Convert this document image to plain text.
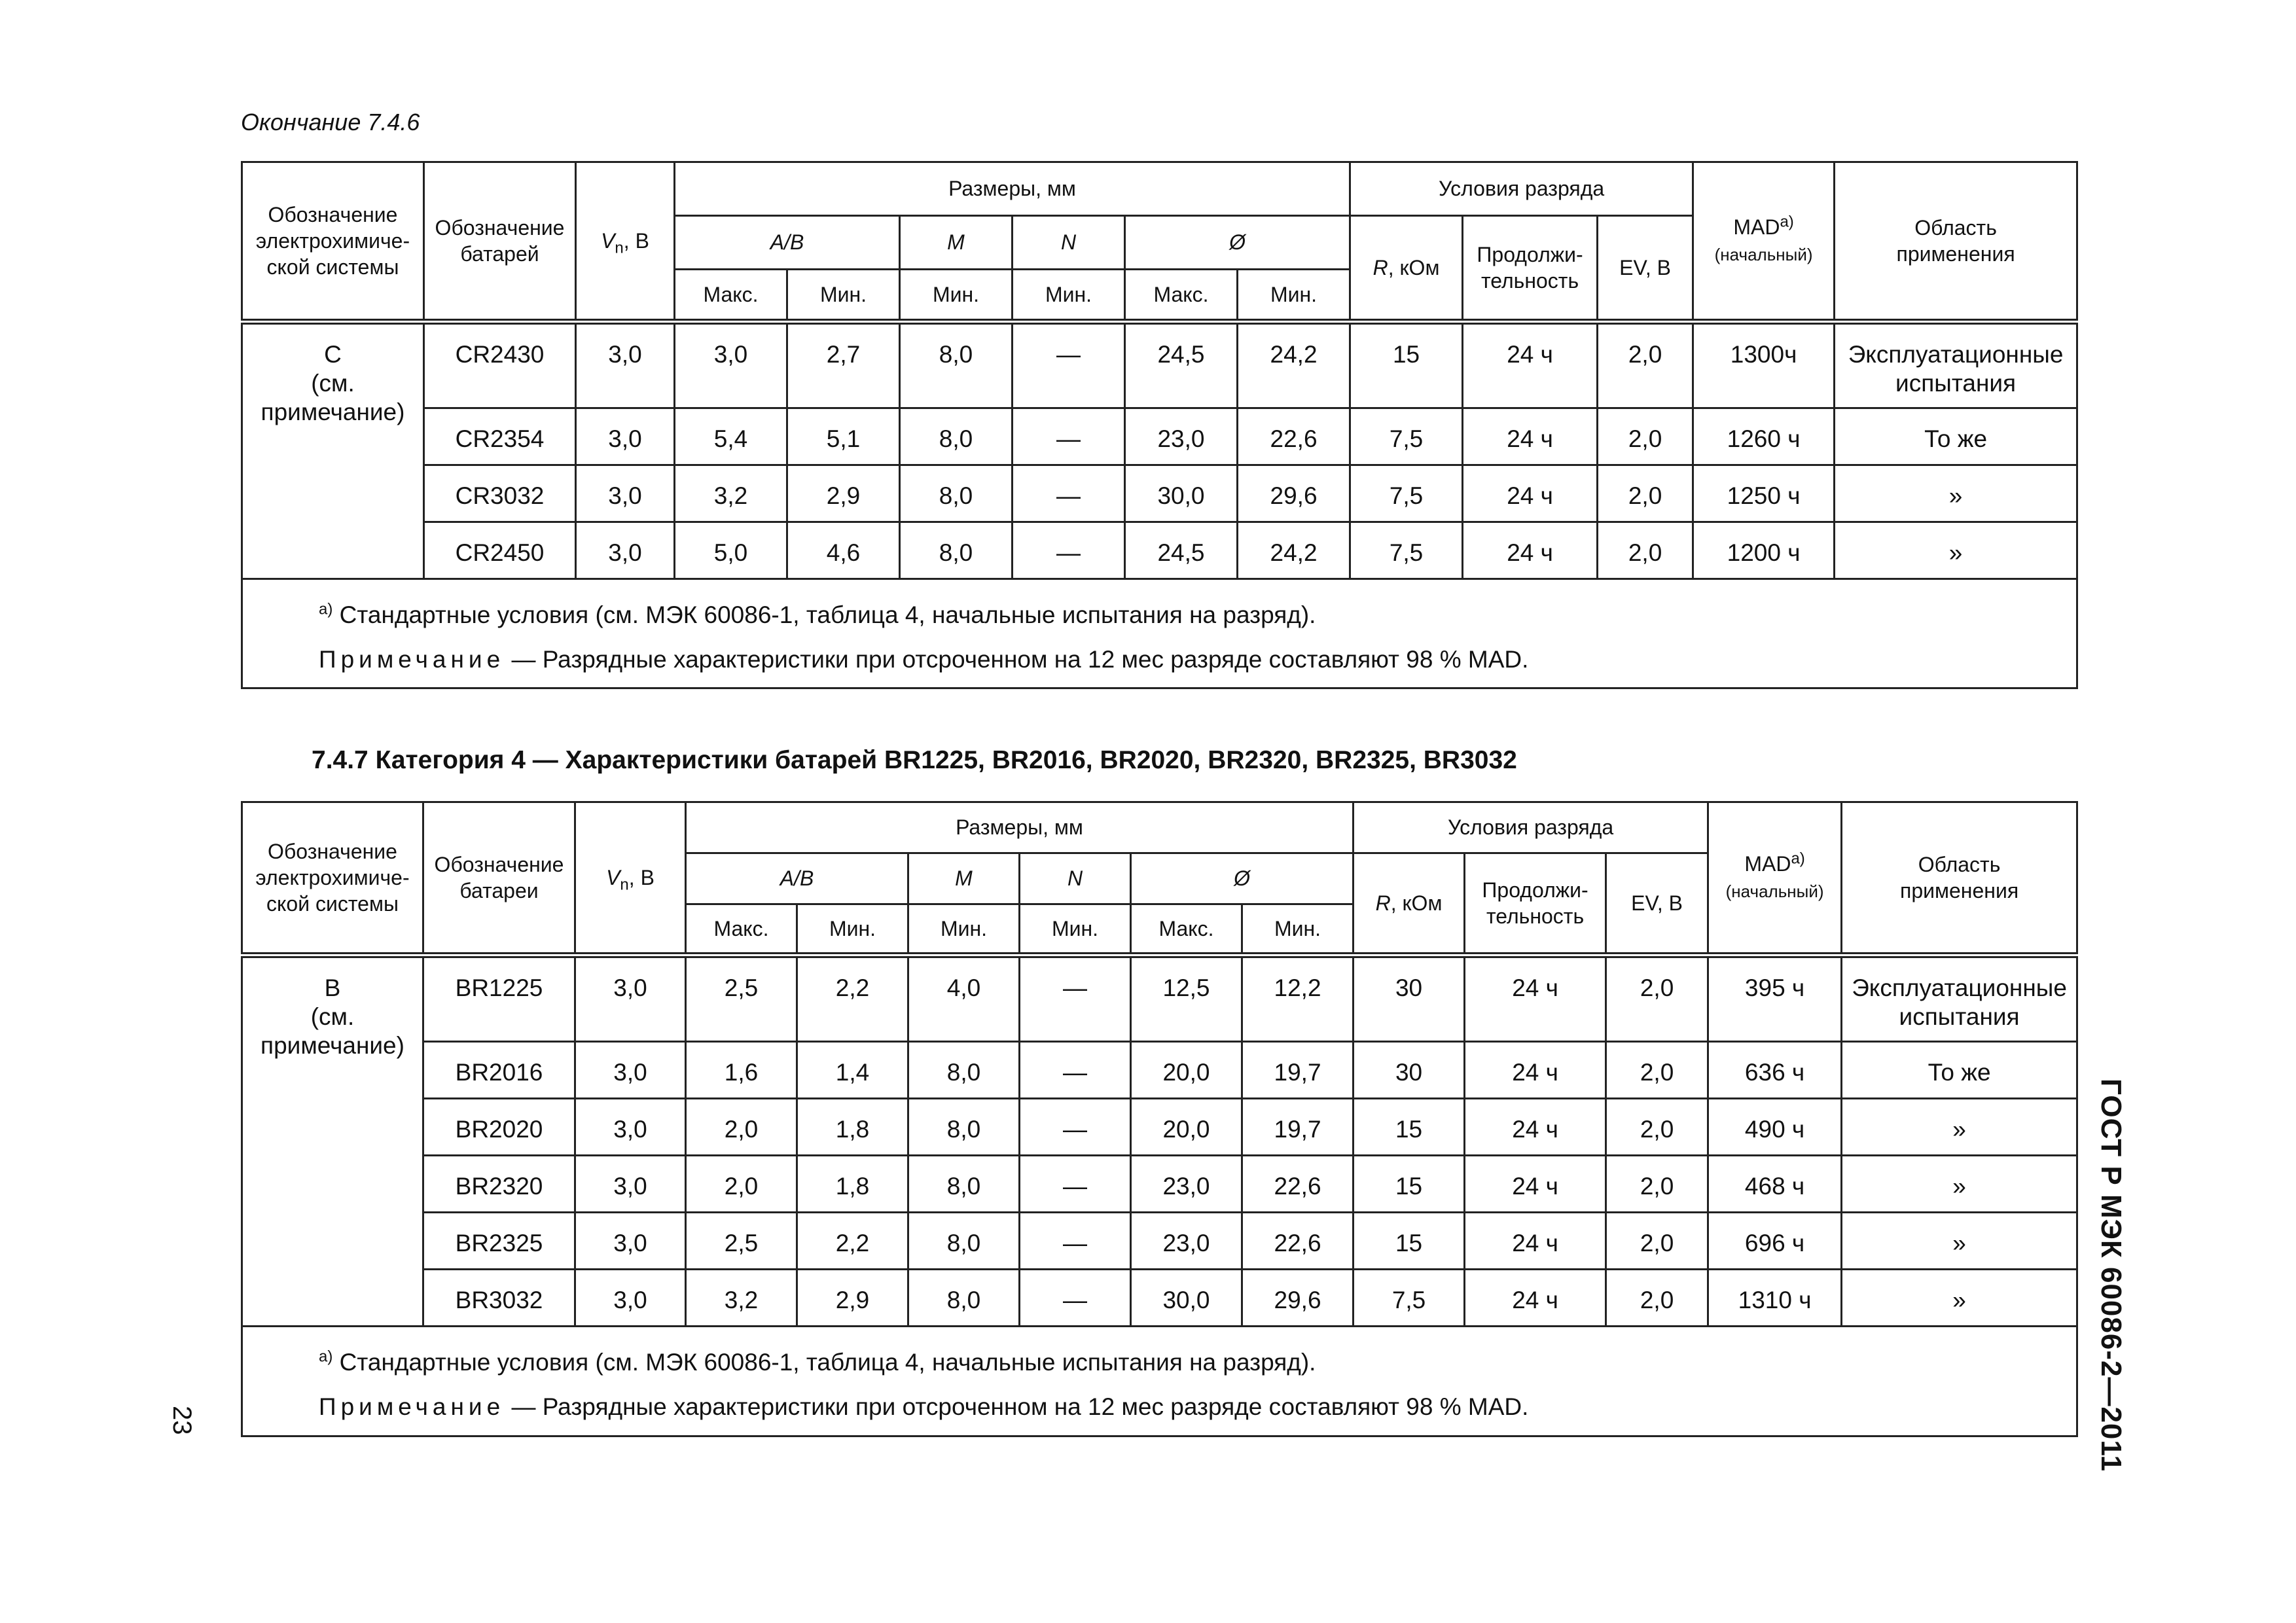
Окончание 7.4.6
Обозначение
электрохимиче-
ской системы	Обозначение
батарей	$V_n$, В	Размеры, мм						Условия разряда			$MAD^{а)}$
(начальный)	Область
применения
			A/B		M	N	Ø		R, кОм	Продолжи-
тельность	EV, В		
			Макс.	Мин.	Мин.	Мин.	Макс.	Мин.					
С
(см.
примечание)	CR2430	3,0	3,0	2,7	8,0	—	24,5	24,2	15	24 ч	2,0	1300ч	Эксплуатационные испытания
	CR2354	3,0	5,4	5,1	8,0	—	23,0	22,6	7,5	24 ч	2,0	1260 ч	То же
	CR3032	3,0	3,2	2,9	8,0	—	30,0	29,6	7,5	24 ч	2,0	1250 ч	»
	CR2450	3,0	5,0	4,6	8,0	—	24,5	24,2	7,5	24 ч	2,0	1200 ч	»

$^{а)}$ Стандартные условия (см. МЭК 60086-1, таблица 4, начальные испытания на разряд).
Примечание — Разрядные характеристики при отсроченном на 12 мес разряде составляют 98 % MAD.													
7.4.7 Категория 4 — Характеристики батарей BR1225, BR2016, BR2020, BR2320, BR2325, BR3032
Обозначение
электрохимиче-
ской системы	Обозначение
батареи	$V_n$, В	Размеры, мм						Условия разряда			$MAD^{а)}$
(начальный)	Область
применения
			A/B		M	N	Ø		R, кОм	Продолжи-
тельность	EV, В		
			Макс.	Мин.	Мин.	Мин.	Макс.	Мин.					
В
(см.
примечание)	BR1225	3,0	2,5	2,2	4,0	—	12,5	12,2	30	24 ч	2,0	395 ч	Эксплуатационные испытания
	BR2016	3,0	1,6	1,4	8,0	—	20,0	19,7	30	24 ч	2,0	636 ч	То же
	BR2020	3,0	2,0	1,8	8,0	—	20,0	19,7	15	24 ч	2,0	490 ч	»
	BR2320	3,0	2,0	1,8	8,0	—	23,0	22,6	15	24 ч	2,0	468 ч	»
	BR2325	3,0	2,5	2,2	8,0	—	23,0	22,6	15	24 ч	2,0	696 ч	»
	BR3032	3,0	3,2	2,9	8,0	—	30,0	29,6	7,5	24 ч	2,0	1310 ч	»

$^{а)}$ Стандартные условия (см. МЭК 60086-1, таблица 4, начальные испытания на разряд).
Примечание — Разрядные характеристики при отсроченном на 12 мес разряде составляют 98 % MAD.														ГОСТ Р МЭК 60086-2—2011
23
